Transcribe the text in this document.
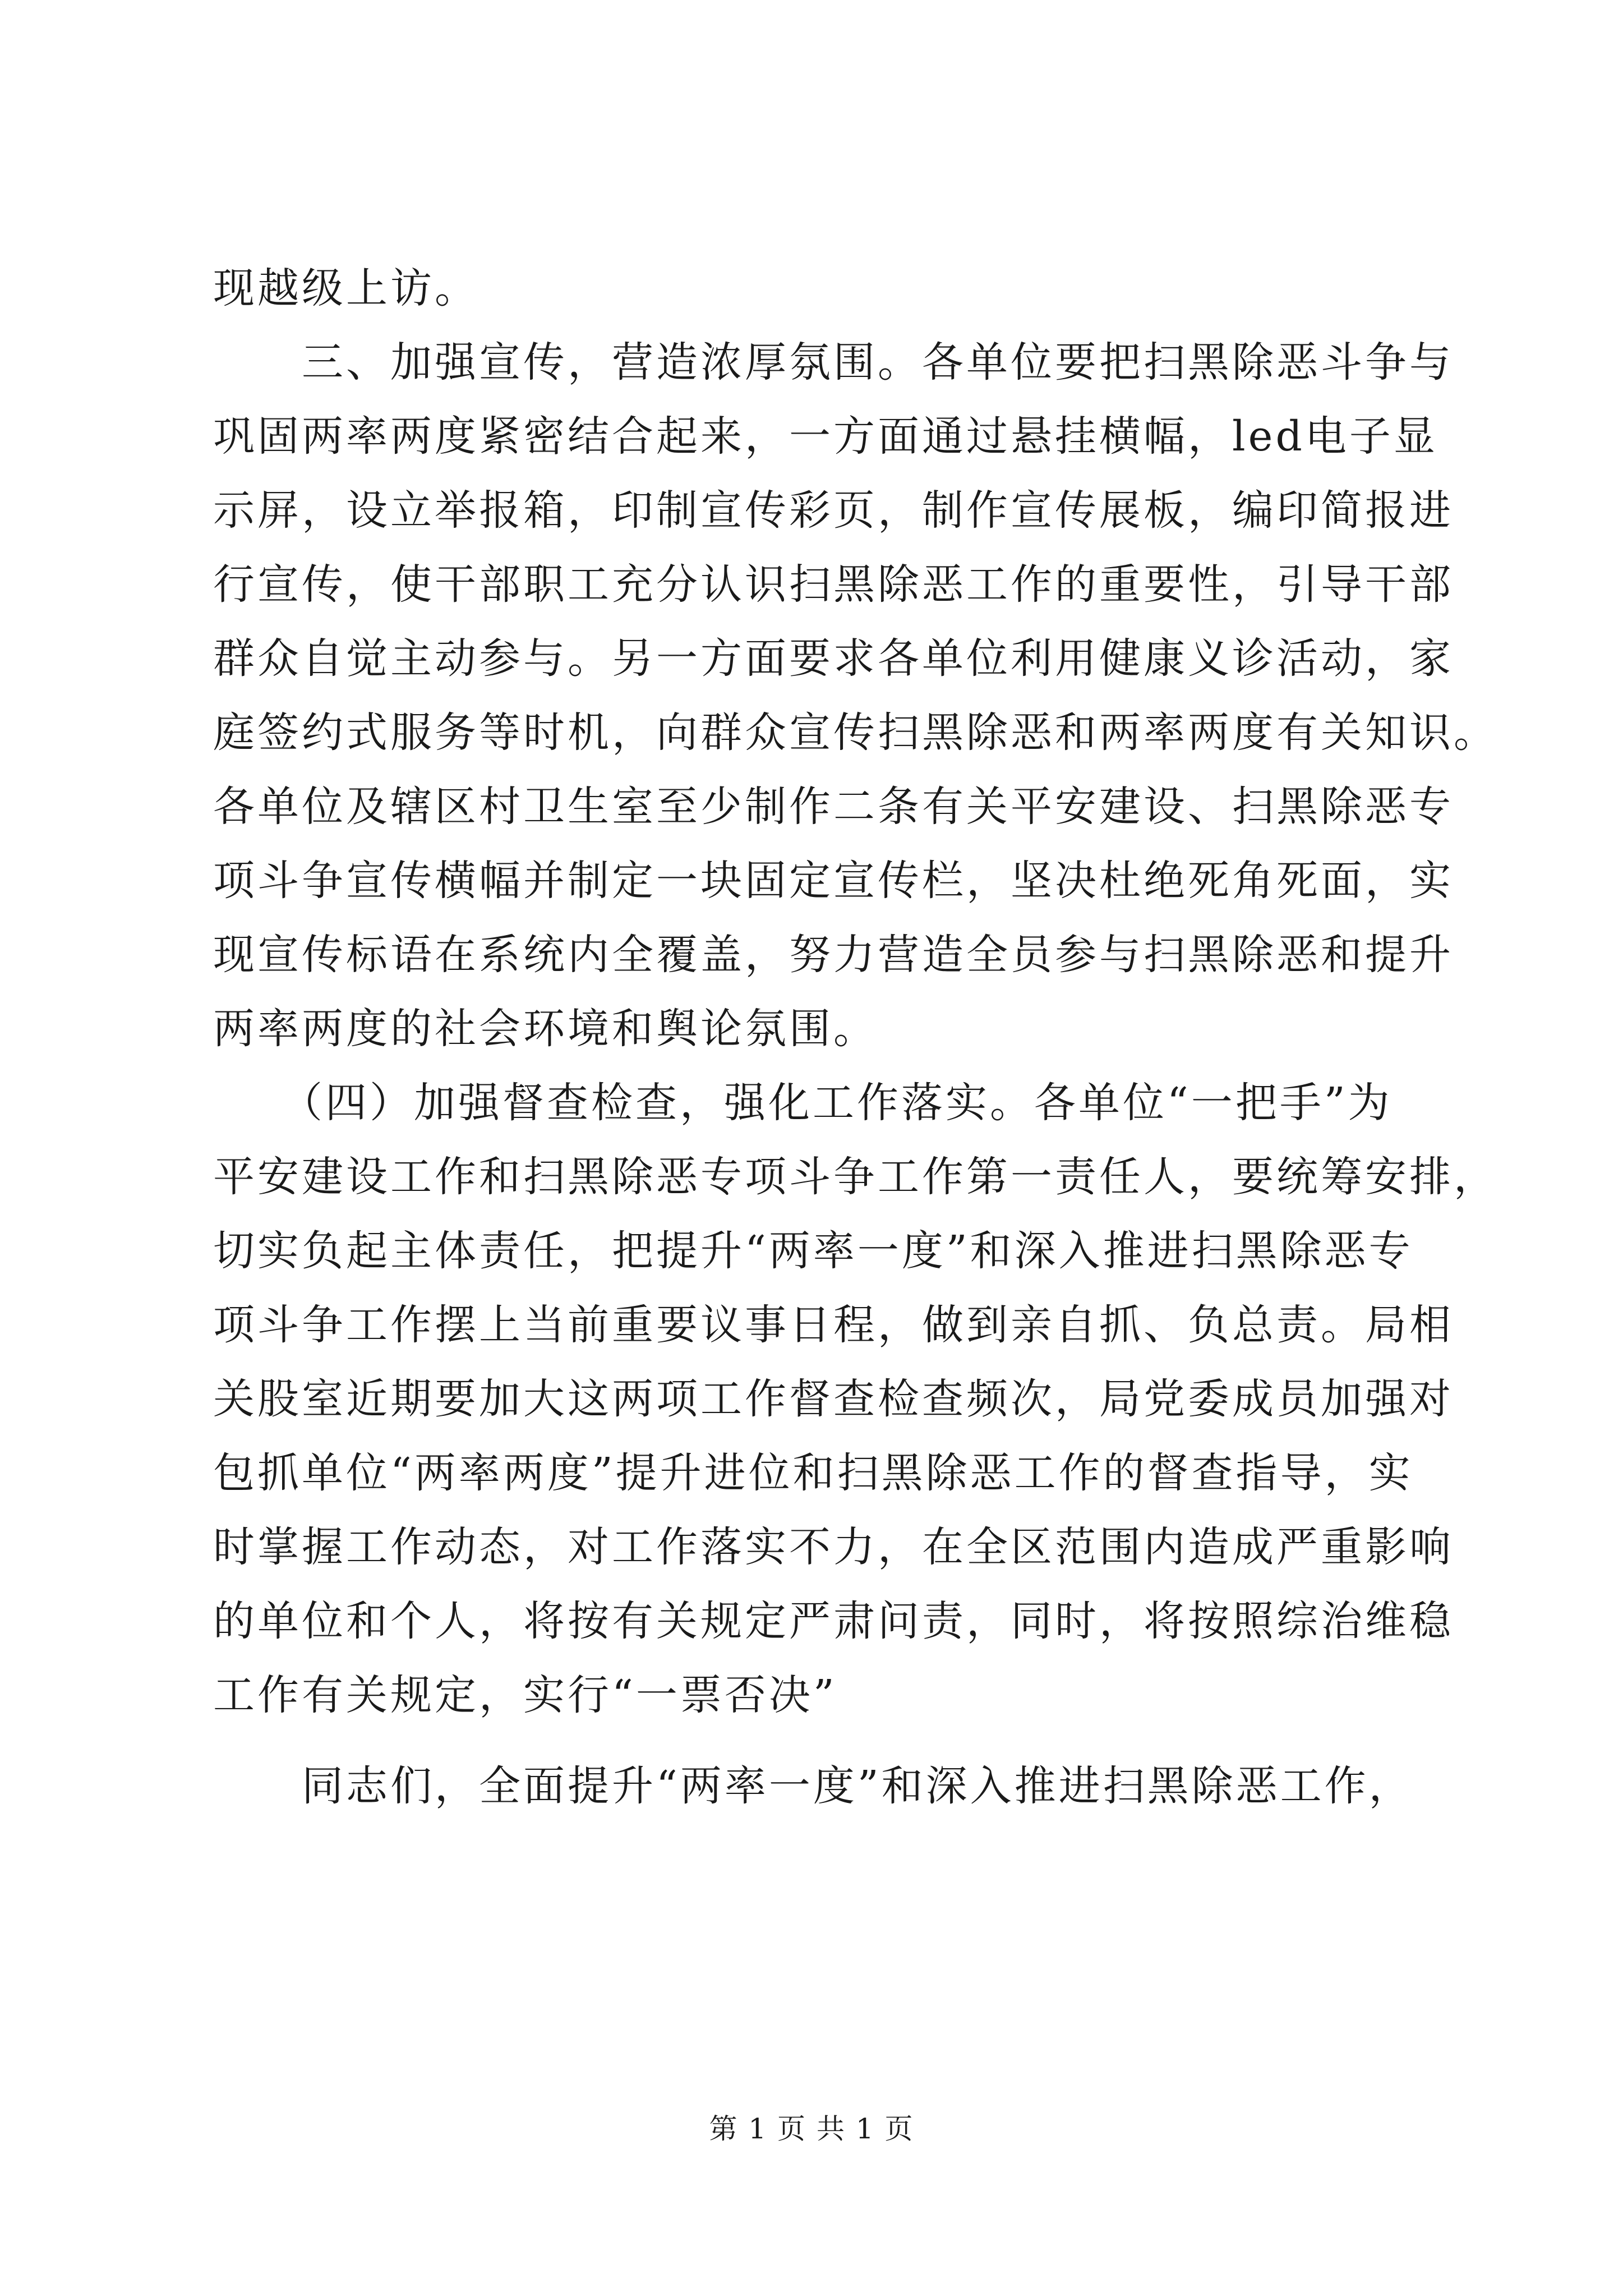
现越级上访。
　　三、加强宣传，营造浓厚氛围。各单位要把扫黑除恶斗争与
巩固两率两度紧密结合起来，一方面通过悬挂横幅，led电子显
示屏，设立举报箱，印制宣传彩页，制作宣传展板，编印简报进
行宣传，使干部职工充分认识扫黑除恶工作的重要性，引导干部
群众自觉主动参与。另一方面要求各单位利用健康义诊活动，家
庭签约式服务等时机，向群众宣传扫黑除恶和两率两度有关知识。
各单位及辖区村卫生室至少制作二条有关平安建设、扫黑除恶专
项斗争宣传横幅并制定一块固定宣传栏，坚决杜绝死角死面，实
现宣传标语在系统内全覆盖，努力营造全员参与扫黑除恶和提升
两率两度的社会环境和舆论氛围。
　　（四）加强督查检查，强化工作落实。各单位“一把手”为
平安建设工作和扫黑除恶专项斗争工作第一责任人，要统筹安排，
切实负起主体责任，把提升“两率一度”和深入推进扫黑除恶专
项斗争工作摆上当前重要议事日程，做到亲自抓、负总责。局相
关股室近期要加大这两项工作督查检查频次，局党委成员加强对
包抓单位“两率两度”提升进位和扫黑除恶工作的督查指导，实
时掌握工作动态，对工作落实不力，在全区范围内造成严重影响
的单位和个人，将按有关规定严肃问责，同时，将按照综治维稳
工作有关规定，实行“一票否决”
　　同志们，全面提升“两率一度”和深入推进扫黑除恶工作，
第 1 页 共 1 页
